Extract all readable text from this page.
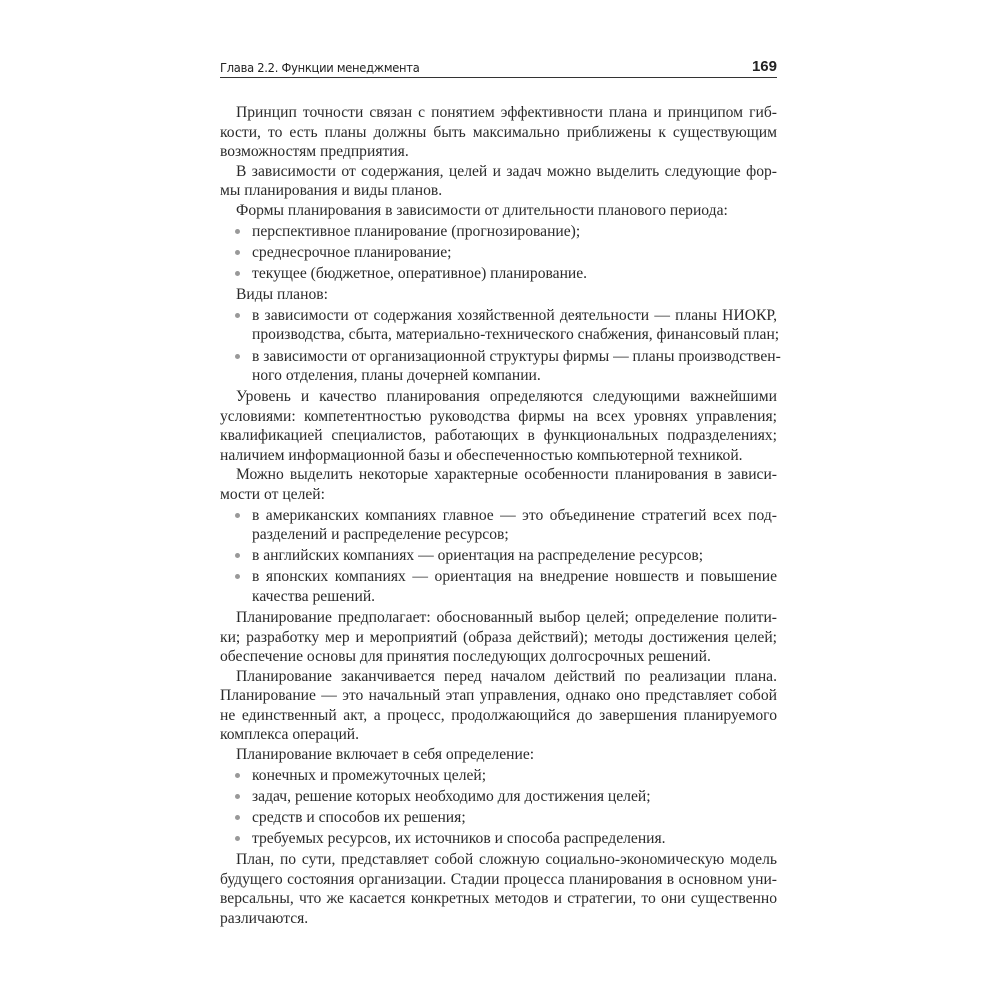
Глава 2.2. Функции менеджмента	169
Принцип точности связан с понятием эффективности плана и принципом гиб-
кости, то есть планы должны быть максимально приближены к существующим
возможностям предприятия.
В зависимости от содержания, целей и задач можно выделить следующие фор-
мы планирования и виды планов.
Формы планирования в зависимости от длительности планового периода:
перспективное планирование (прогнозирование);
среднесрочное планирование;
текущее (бюджетное, оперативное) планирование.
Виды планов:
в зависимости от содержания хозяйственной деятельности — планы НИОКР,
производства, сбыта, материально-технического снабжения, финансовый план;
в зависимости от организационной структуры фирмы — планы производствен-
ного отделения, планы дочерней компании.
Уровень и качество планирования определяются следующими важнейшими
условиями: компетентностью руководства фирмы на всех уровнях управления;
квалификацией специалистов, работающих в функциональных подразделениях;
наличием информационной базы и обеспеченностью компьютерной техникой.
Можно выделить некоторые характерные особенности планирования в зависи-
мости от целей:
в американских компаниях главное — это объединение стратегий всех под-
разделений и распределение ресурсов;
в английских компаниях — ориентация на распределение ресурсов;
в японских компаниях — ориентация на внедрение новшеств и повышение
качества решений.
Планирование предполагает: обоснованный выбор целей; определение полити-
ки; разработку мер и мероприятий (образа действий); методы достижения целей;
обеспечение основы для принятия последующих долгосрочных решений.
Планирование заканчивается перед началом действий по реализации плана.
Планирование — это начальный этап управления, однако оно представляет собой
не единственный акт, а процесс, продолжающийся до завершения планируемого
комплекса операций.
Планирование включает в себя определение:
конечных и промежуточных целей;
задач, решение которых необходимо для достижения целей;
средств и способов их решения;
требуемых ресурсов, их источников и способа распределения.
План, по сути, представляет собой сложную социально-экономическую модель
будущего состояния организации. Стадии процесса планирования в основном уни-
версальны, что же касается конкретных методов и стратегии, то они существенно
различаются.
